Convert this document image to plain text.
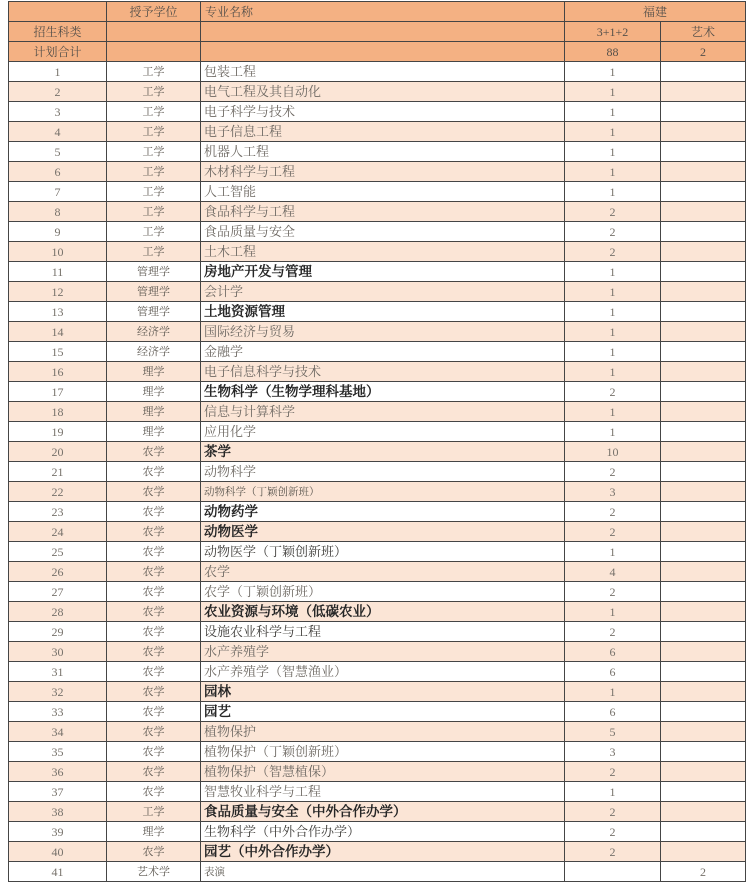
	授予学位	专业名称	福建	
招生科类			3+1+2	艺术
计划合计			88	2
1	工学	包装工程	1	
2	工学	电气工程及其自动化	1	
3	工学	电子科学与技术	1	
4	工学	电子信息工程	1	
5	工学	机器人工程	1	
6	工学	木材科学与工程	1	
7	工学	人工智能	1	
8	工学	食品科学与工程	2	
9	工学	食品质量与安全	2	
10	工学	土木工程	2	
11	管理学	房地产开发与管理	1	
12	管理学	会计学	1	
13	管理学	土地资源管理	1	
14	经济学	国际经济与贸易	1	
15	经济学	金融学	1	
16	理学	电子信息科学与技术	1	
17	理学	生物科学（生物学理科基地）	2	
18	理学	信息与计算科学	1	
19	理学	应用化学	1	
20	农学	茶学	10	
21	农学	动物科学	2	
22	农学	动物科学（丁颖创新班）	3	
23	农学	动物药学	2	
24	农学	动物医学	2	
25	农学	动物医学（丁颖创新班）	1	
26	农学	农学	4	
27	农学	农学（丁颖创新班）	2	
28	农学	农业资源与环境（低碳农业）	1	
29	农学	设施农业科学与工程	2	
30	农学	水产养殖学	6	
31	农学	水产养殖学（智慧渔业）	6	
32	农学	园林	1	
33	农学	园艺	6	
34	农学	植物保护	5	
35	农学	植物保护（丁颖创新班）	3	
36	农学	植物保护（智慧植保）	2	
37	农学	智慧牧业科学与工程	1	
38	工学	食品质量与安全（中外合作办学）	2	
39	理学	生物科学（中外合作办学）	2	
40	农学	园艺（中外合作办学）	2	
41	艺术学	表演		2
